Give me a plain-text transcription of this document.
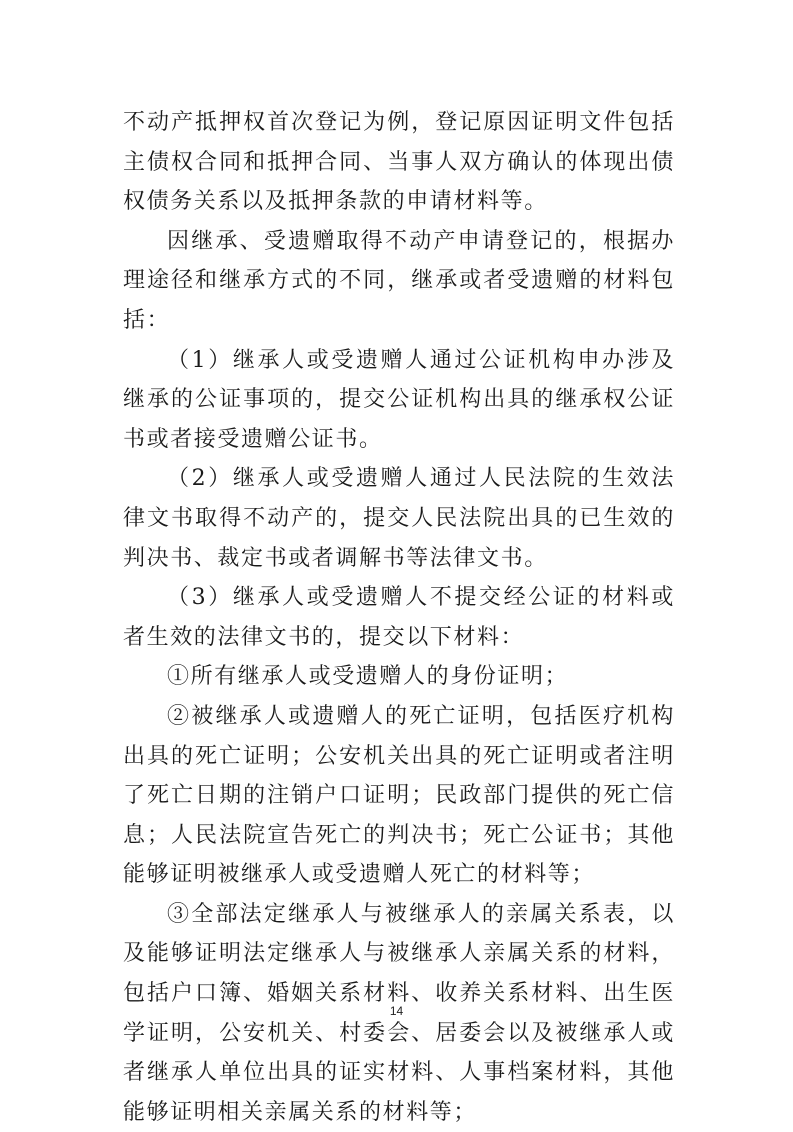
不动产抵押权首次登记为例，登记原因证明文件包括主债权合同和抵押合同、当事人双方确认的体现出债权债务关系以及抵押条款的申请材料等。

因继承、受遗赠取得不动产申请登记的，根据办理途径和继承方式的不同，继承或者受遗赠的材料包括：

（1）继承人或受遗赠人通过公证机构申办涉及继承的公证事项的，提交公证机构出具的继承权公证书或者接受遗赠公证书。

（2）继承人或受遗赠人通过人民法院的生效法律文书取得不动产的，提交人民法院出具的已生效的判决书、裁定书或者调解书等法律文书。

（3）继承人或受遗赠人不提交经公证的材料或者生效的法律文书的，提交以下材料：

①所有继承人或受遗赠人的身份证明；

②被继承人或遗赠人的死亡证明，包括医疗机构出具的死亡证明；公安机关出具的死亡证明或者注明了死亡日期的注销户口证明；民政部门提供的死亡信息；人民法院宣告死亡的判决书；死亡公证书；其他能够证明被继承人或受遗赠人死亡的材料等；

③全部法定继承人与被继承人的亲属关系表，以及能够证明法定继承人与被继承人亲属关系的材料，包括户口簿、婚姻关系材料、收养关系材料、出生医学证明，公安机关、村委会、居委会以及被继承人或者继承人单位出具的证实材料、人事档案材料，其他能够证明相关亲属关系的材料等；

14
